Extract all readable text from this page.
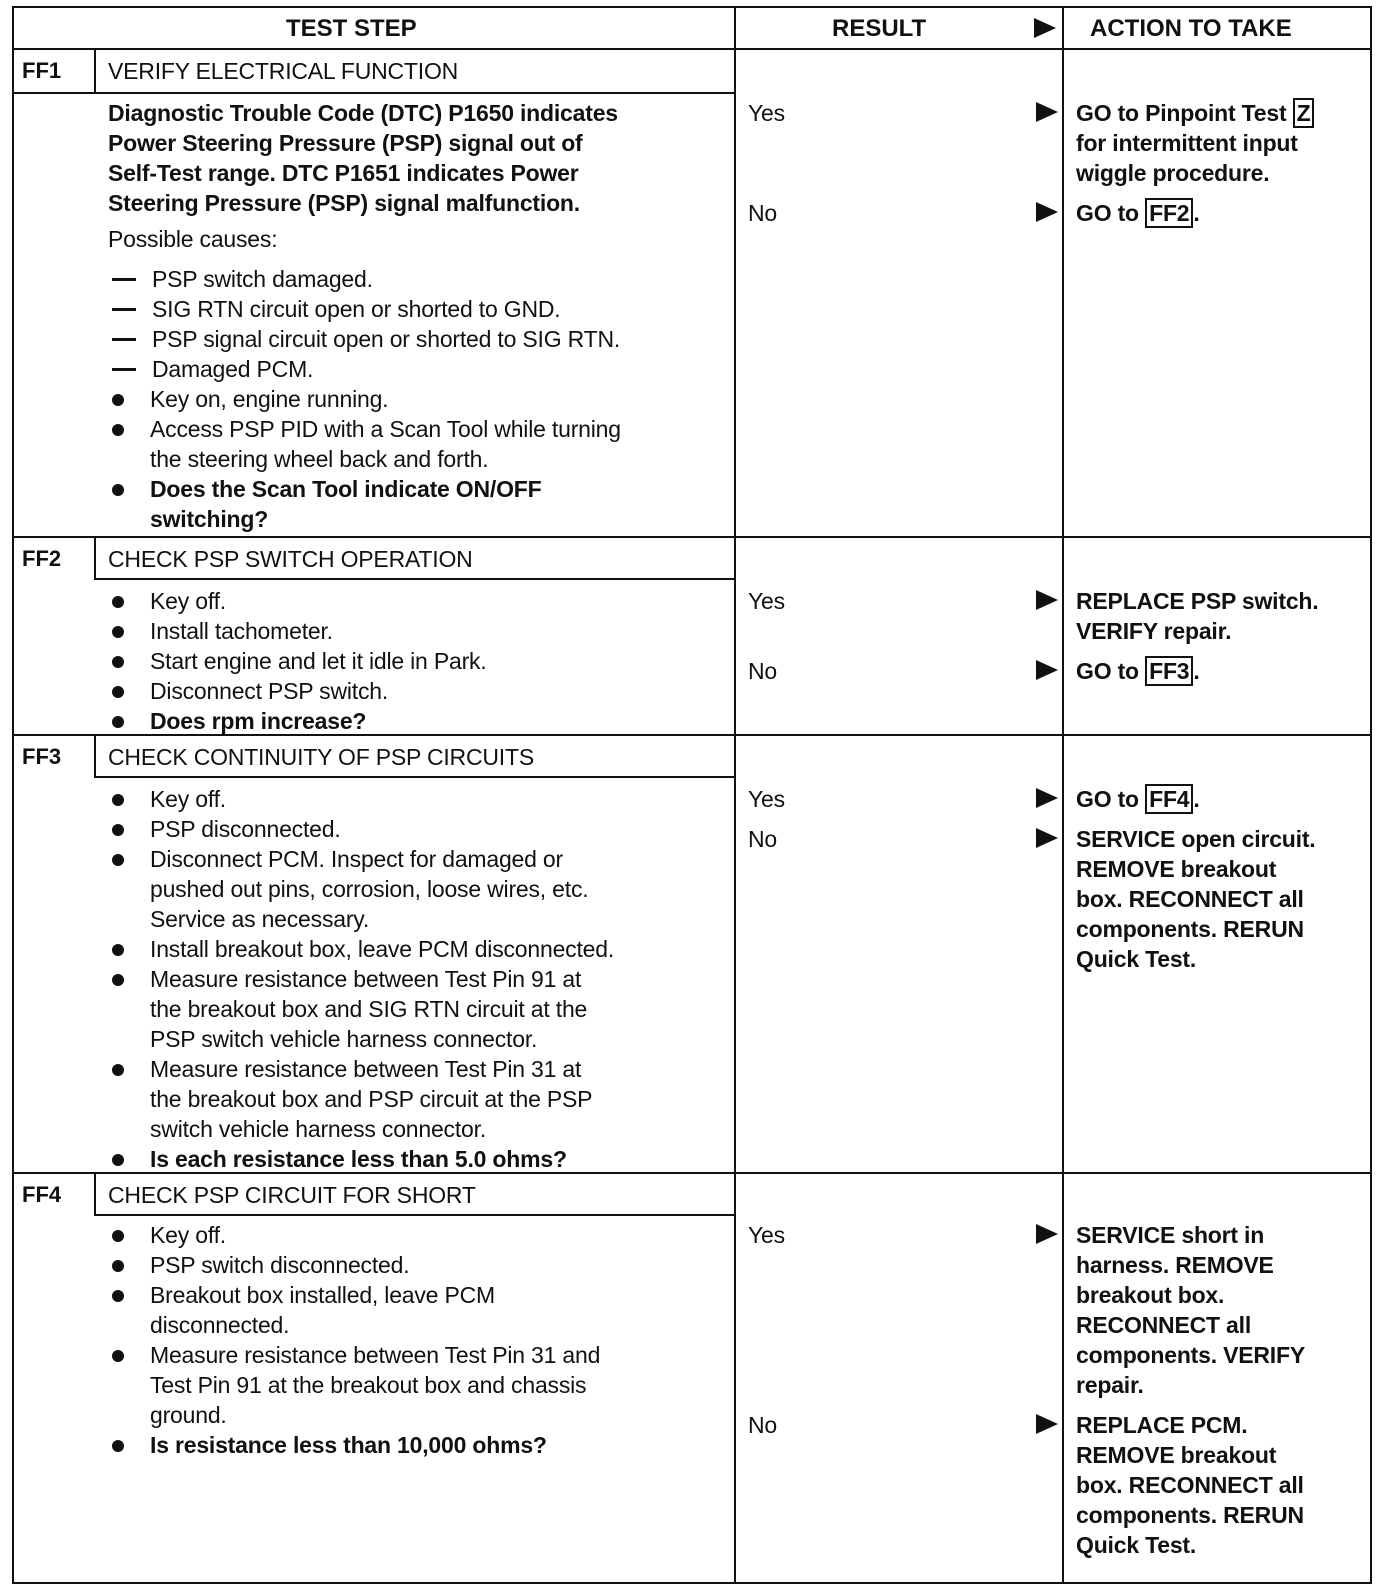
TEST STEP	RESULT	ACTION TO TAKE
FF1 VERIFY ELECTRICAL FUNCTION
Diagnostic Trouble Code (DTC) P1650 indicates
Power Steering Pressure (PSP) signal out of
Self-Test range. DTC P1651 indicates Power
Steering Pressure (PSP) signal malfunction.
Possible causes:
PSP switch damaged.
SIG RTN circuit open or shorted to GND.
PSP signal circuit open or shorted to SIG RTN.
Damaged PCM.
Key on, engine running.
Access PSP PID with a Scan Tool while turning
the steering wheel back and forth.
Does the Scan Tool indicate ON/OFF
switching?
Yes
No
GO to Pinpoint Test Z
for intermittent input
wiggle procedure.
GO to FF2 .
FF2 CHECK PSP SWITCH OPERATION
Key off.
Install tachometer.
Start engine and let it idle in Park.
Disconnect PSP switch.
Does rpm increase?
Yes
No
REPLACE PSP switch.
VERIFY repair.
GO to FF3 .
FF3 CHECK CONTINUITY OF PSP CIRCUITS
Key off.
PSP disconnected.
Disconnect PCM. Inspect for damaged or
pushed out pins, corrosion, loose wires, etc.
Service as necessary.
Install breakout box, leave PCM disconnected.
Measure resistance between Test Pin 91 at
the breakout box and SIG RTN circuit at the
PSP switch vehicle harness connector.
Measure resistance between Test Pin 31 at
the breakout box and PSP circuit at the PSP
switch vehicle harness connector.
Is each resistance less than 5.0 ohms?
Yes
No
GO to FF4 .
SERVICE open circuit.
REMOVE breakout
box. RECONNECT all
components. RERUN
Quick Test.
FF4 CHECK PSP CIRCUIT FOR SHORT
Key off.
PSP switch disconnected.
Breakout box installed, leave PCM
disconnected.
Measure resistance between Test Pin 31 and
Test Pin 91 at the breakout box and chassis
ground.
Is resistance less than 10,000 ohms?
Yes
No
SERVICE short in
harness. REMOVE
breakout box.
RECONNECT all
components. VERIFY
repair.
REPLACE PCM.
REMOVE breakout
box. RECONNECT all
components. RERUN
Quick Test.
